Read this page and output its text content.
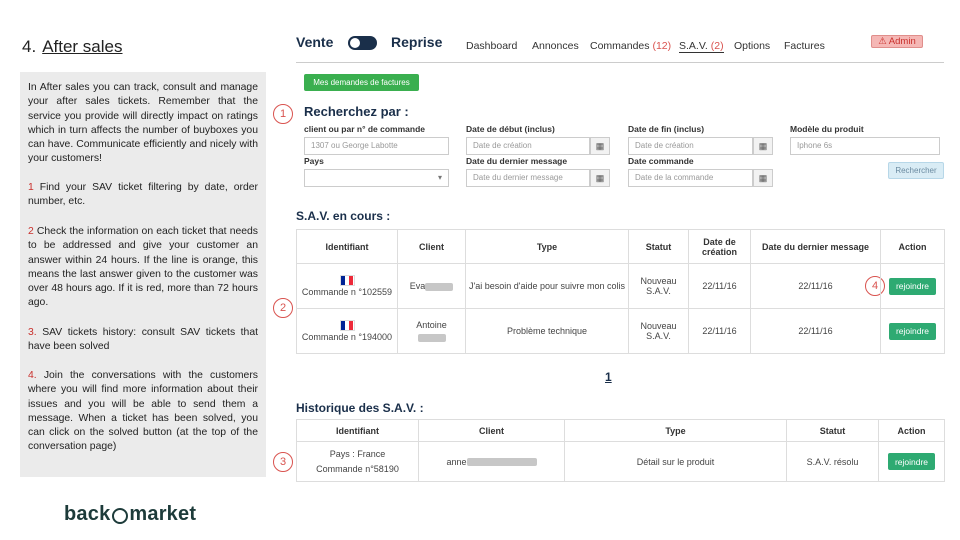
4. After sales
In After sales you can track, consult and manage your after sales tickets. Remember that the service you provide will directly impact on ratings which in turn affects the number of buyboxes you can have. Communicate efficiently and nicely with your customers!
1 Find your SAV ticket filtering by date, order number, etc.
2 Check the information on each ticket that needs to be addressed and give your customer an answer within 24 hours. If the line is orange, this means the last answer given to the customer was over 48 hours ago. If it is red, more than 72 hours ago.
3. SAV tickets history: consult SAV tickets that have been solved
4. Join the conversations with the customers where you will find more information about their issues and you will be able to send them a message. When a ticket has been solved, you can click on the solved button (at the top of the conversation page)
back market
1
2
3
4
Vente	Reprise Dashboard Annonces Commandes (12) S.A.V. (2) Options Factures	⚠ Admin
Mes demandes de factures
Recherchez par :
client ou par n° de commande
1307 ou George Labotte
Date de début (inclus)
Date de création	▦
Date de fin (inclus)
Date de création	▦
Modèle du produit
Iphone 6s
Pays
▾
Date du dernier message
Date du dernier message	▦
Date commande
Date de la commande	▦
Rechercher
S.A.V. en cours :
Identifiant	Client	Type	Statut	Date de création	Date du dernier message	Action

Commande n °102559	Eva	J'ai besoin d'aide pour suivre mon colis	Nouveau S.A.V.	22/11/16	22/11/16	rejoindre

Commande n °194000	Antoine	Problème technique	Nouveau S.A.V.	22/11/16	22/11/16	rejoindre
1
Historique des S.A.V. :
Identifiant	Client	Type	Statut	Action
Pays : France
Commande n°58190	anne	Détail sur le produit	S.A.V. résolu	rejoindre
